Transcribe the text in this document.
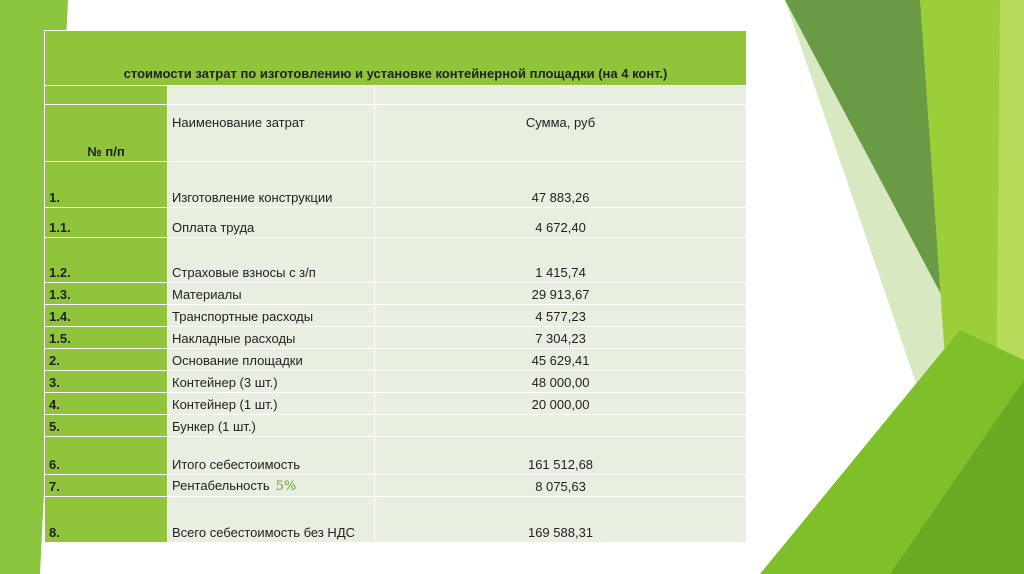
стоимости затрат по изготовлению и установке контейнерной площадки (на 4 конт.)		

№ п/п	Наименование затрат	Сумма, руб
1.	Изготовление конструкции	47 883,26
1.1.	Оплата труда	4 672,40
1.2.	Страховые взносы с з/п	1 415,74
1.3.	Материалы	29 913,67
1.4.	Транспортные расходы	4 577,23
1.5.	Накладные расходы	7 304,23
2.	Основание площадки	45 629,41
3.	Контейнер (3 шт.)	48 000,00
4.	Контейнер (1 шт.)	20 000,00
5.	Бункер (1 шт.)	
6.	Итого себестоимость	161 512,68
7.	Рентабельность 5%	8 075,63
8.	Всего себестоимость без НДС	169 588,31
